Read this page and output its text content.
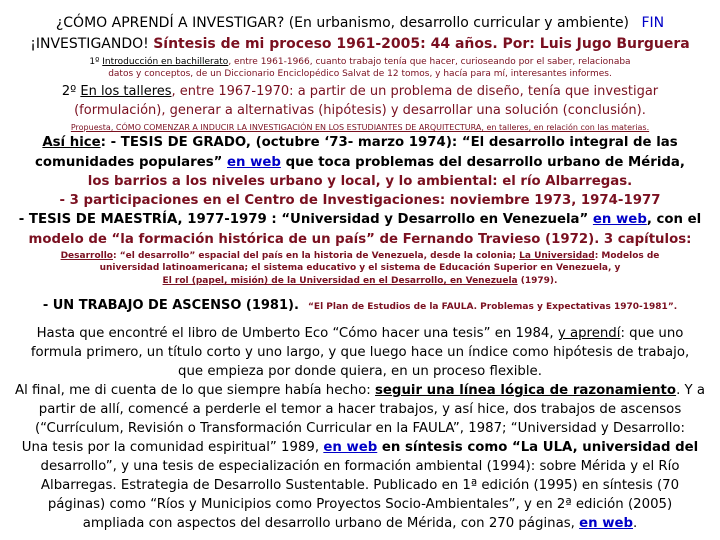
¿CÓMO APRENDÍ A INVESTIGAR? (En urbanismo, desarrollo curricular y ambiente) FIN
¡INVESTIGANDO! Síntesis de mi proceso 1961-2005: 44 años. Por: Luis Jugo Burguera
1º Introducción en bachillerato, entre 1961-1966, cuanto trabajo tenía que hacer, curioseando por el saber, relacionaba
datos y conceptos, de un Diccionario Enciclopédico Salvat de 12 tomos, y hacía para mí, interesantes informes.
2º En los talleres, entre 1967-1970: a partir de un problema de diseño, tenía que investigar
(formulación), generar a alternativas (hipótesis) y desarrollar una solución (conclusión).
Propuesta, CÓMO COMENZAR A INDUCIR LA INVESTIGACIÓN EN LOS ESTUDIANTES DE ARQUITECTURA, en talleres, en relación con las materias.
Así hice: - TESIS DE GRADO, (octubre ‘73- marzo 1974): “El desarrollo integral de las
comunidades populares” en web que toca problemas del desarrollo urbano de Mérida,
los barrios a los niveles urbano y local, y lo ambiental: el río Albarregas.
- 3 participaciones en el Centro de Investigaciones: noviembre 1973, 1974-1977
- TESIS DE MAESTRÍA, 1977-1979 : “Universidad y Desarrollo en Venezuela” en web, con el
modelo de “la formación histórica de un país” de Fernando Travieso (1972). 3 capítulos:
Desarrollo: “el desarrollo” espacial del país en la historia de Venezuela, desde la colonia; La Universidad: Modelos de
universidad latinoamericana; el sistema educativo y el sistema de Educación Superior en Venezuela, y
El rol (papel, misión) de la Universidad en el Desarrollo, en Venezuela (1979).
- UN TRABAJO DE ASCENSO (1981). “El Plan de Estudios de la FAULA. Problemas y Expectativas 1970-1981”.
Hasta que encontré el libro de Umberto Eco “Cómo hacer una tesis” en 1984, y aprendí: que uno
formula primero, un título corto y uno largo, y que luego hace un índice como hipótesis de trabajo,
que empieza por donde quiera, en un proceso flexible.
Al final, me di cuenta de lo que siempre había hecho: seguir una línea lógica de razonamiento. Y a
partir de allí, comencé a perderle el temor a hacer trabajos, y así hice, dos trabajos de ascensos
(“Currículum, Revisión o Transformación Curricular en la FAULA”, 1987; “Universidad y Desarrollo:
Una tesis por la comunidad espiritual” 1989, en web en síntesis como “La ULA, universidad del
desarrollo”, y una tesis de especialización en formación ambiental (1994): sobre Mérida y el Río
Albarregas. Estrategia de Desarrollo Sustentable. Publicado en 1ª edición (1995) en síntesis (70
páginas) como “Ríos y Municipios como Proyectos Socio-Ambientales”, y en 2ª edición (2005)
ampliada con aspectos del desarrollo urbano de Mérida, con 270 páginas, en web.
